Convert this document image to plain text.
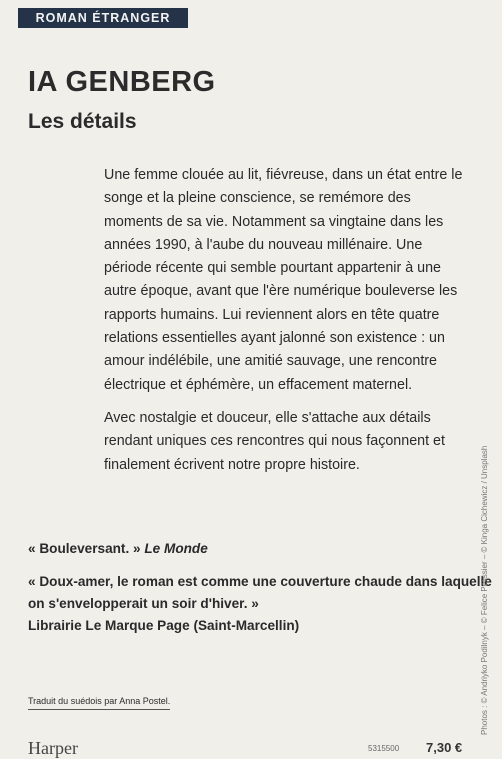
ROMAN ÉTRANGER
IA GENBERG
Les détails

Une femme clouée au lit, fiévreuse, dans un état entre le songe et la pleine conscience, se remémore des moments de sa vie. Notamment sa vingtaine dans les années 1990, à l'aube du nouveau millénaire. Une période récente qui semble pourtant appartenir à une autre époque, avant que l'ère numérique bouleverse les rapports humains. Lui reviennent alors en tête quatre relations essentielles ayant jalonné son existence : un amour indélébile, une amitié sauvage, une rencontre électrique et éphémère, un effacement maternel.

Avec nostalgie et douceur, elle s'attache aux détails rendant uniques ces rencontres qui nous façonnent et finalement écrivent notre propre histoire.

« Bouleversant. » Le Monde
« Doux-amer, le roman est comme une couverture chaude dans laquelle on s'envelopperait un soir d'hiver. »
Librairie Le Marque Page (Saint-Marcellin)
Traduit du suédois par Anna Postel.	Photos : © Andriyko Podilnyk – © Felice Pelissier – © Kinga Cichewicz / Unsplash
Harper	5315500 7,30 €
